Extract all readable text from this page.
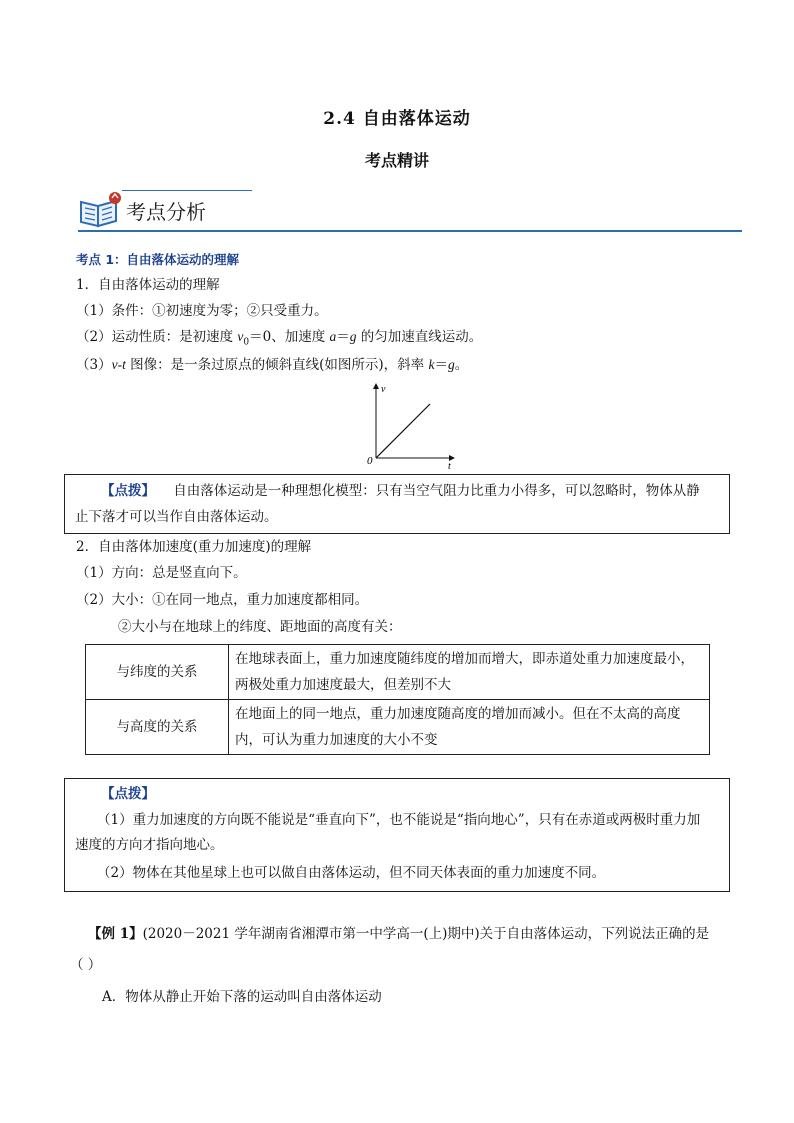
2.4 自由落体运动
考点精讲
考点分析
考点 1：自由落体运动的理解
1．自由落体运动的理解
（1）条件：①初速度为零；②只受重力。
（2）运动性质：是初速度 $v_0=0$、加速度 a＝g 的匀加速直线运动。
（3）v-t 图像：是一条过原点的倾斜直线(如图所示)，斜率 k＝g。
v
t
0
【点拨】 自由落体运动是一种理想化模型：只有当空气阻力比重力小得多，可以忽略时，物体从静
止下落才可以当作自由落体运动。
2．自由落体加速度(重力加速度)的理解
（1）方向：总是竖直向下。
（2）大小：①在同一地点，重力加速度都相同。
②大小与在地球上的纬度、距地面的高度有关：
与纬度的关系	在地球表面上，重力加速度随纬度的增加而增大，即赤道处重力加速度最小，
两极处重力加速度最大，但差别不大

与高度的关系	在地面上的同一地点，重力加速度随高度的增加而减小。但在不太高的高度
内，可认为重力加速度的大小不变
【点拨】
（1）重力加速度的方向既不能说是“垂直向下”，也不能说是“指向地心”，只有在赤道或两极时重力加
速度的方向才指向地心。
（2）物体在其他星球上也可以做自由落体运动，但不同天体表面的重力加速度不同。
【例 1】(2020－2021 学年湖南省湘潭市第一中学高一(上)期中)关于自由落体运动，下列说法正确的是
（ ）
A．物体从静止开始下落的运动叫自由落体运动
